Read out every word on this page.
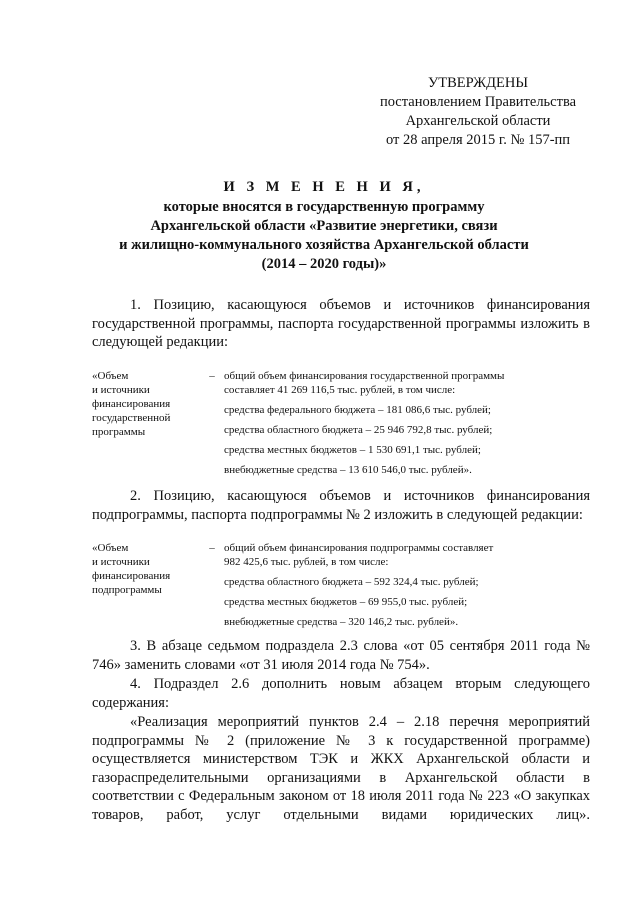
УТВЕРЖДЕНЫ
постановлением Правительства
Архангельской области
от 28 апреля 2015 г. № 157-пп
И З М Е Н Е Н И Я,
которые вносятся в государственную программу
Архангельской области «Развитие энергетики, связи
и жилищно-коммунального хозяйства Архангельской области
(2014 – 2020 годы)»
1. Позицию, касающуюся объемов и источников финансирования государственной программы, паспорта государственной программы изложить в следующей редакции:
«Объем
и источники
финансирования
государственной
программы
– общий объем финансирования государственной программы
составляет 41 269 116,5 тыс. рублей, в том числе:
средства федерального бюджета – 181 086,6 тыс. рублей;
средства областного бюджета – 25 946 792,8 тыс. рублей;
средства местных бюджетов – 1 530 691,1 тыс. рублей;
внебюджетные средства – 13 610 546,0 тыс. рублей».
2. Позицию, касающуюся объемов и источников финансирования подпрограммы, паспорта подпрограммы № 2 изложить в следующей редакции:
«Объем
и источники
финансирования
подпрограммы
– общий объем финансирования подпрограммы составляет
982 425,6 тыс. рублей, в том числе:
средства областного бюджета – 592 324,4 тыс. рублей;
средства местных бюджетов – 69 955,0 тыс. рублей;
внебюджетные средства – 320 146,2 тыс. рублей».
3. В абзаце седьмом подраздела 2.3 слова «от 05 сентября 2011 года № 746» заменить словами «от 31 июля 2014 года № 754».
4. Подраздел 2.6 дополнить новым абзацем вторым следующего содержания:
«Реализация мероприятий пунктов 2.4 – 2.18 перечня мероприятий подпрограммы № 2 (приложение № 3 к государственной программе) осуществляется министерством ТЭК и ЖКХ Архангельской области и газораспределительными организациями в Архангельской области в соответствии с Федеральным законом от 18 июля 2011 года № 223 «О закупках товаров, работ, услуг отдельными видами юридических лиц».
